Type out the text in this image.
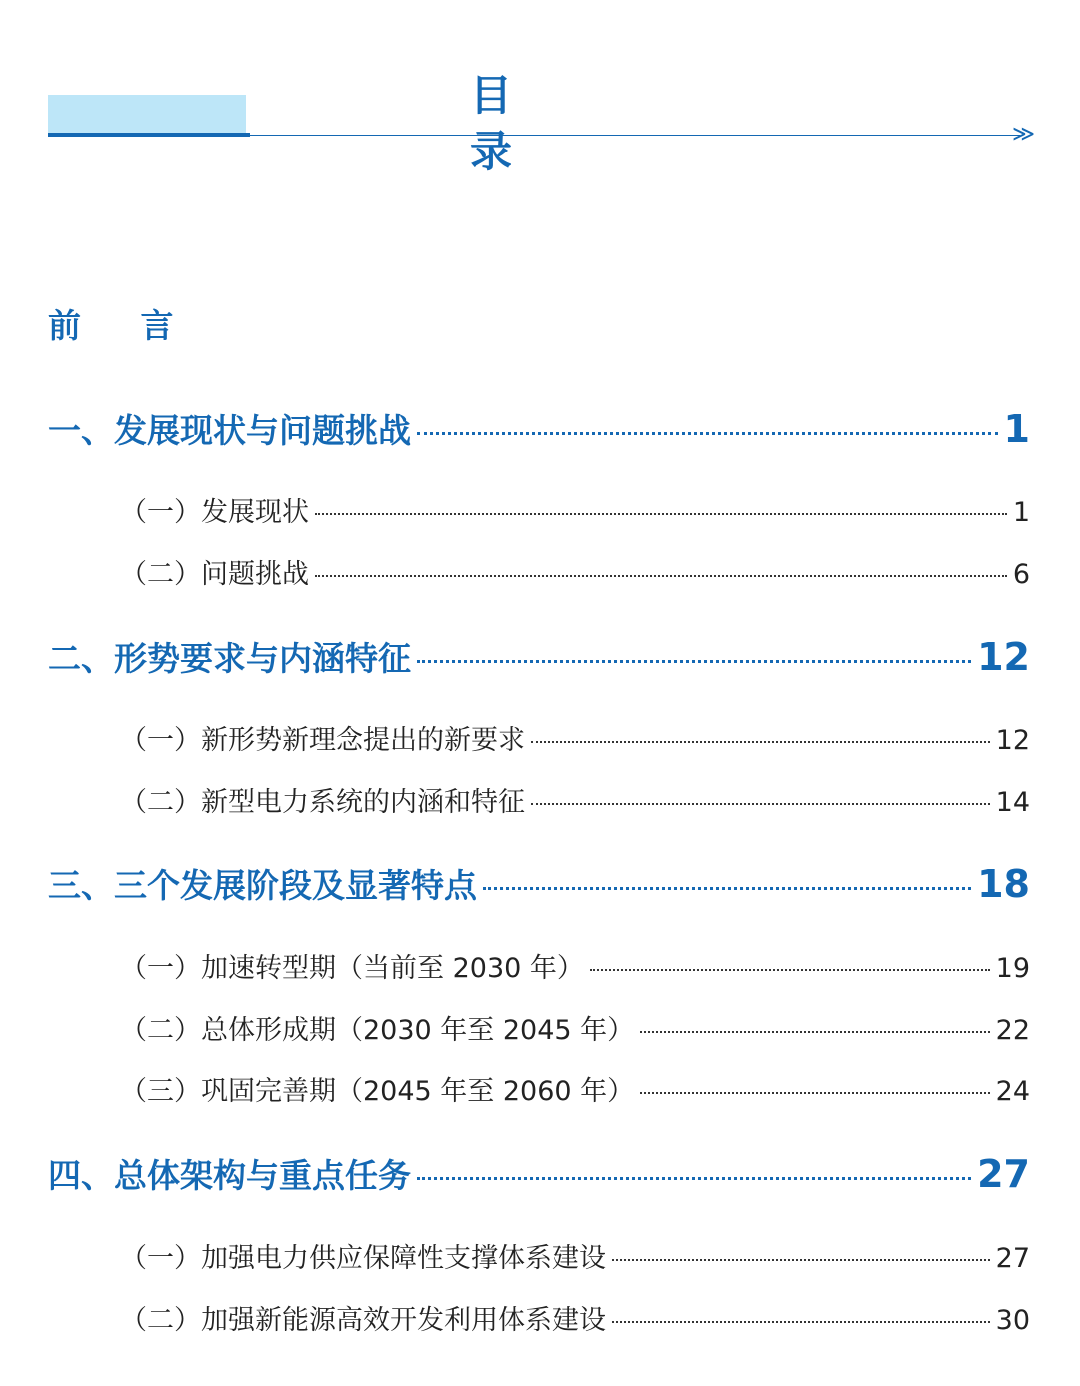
≫
目 录
前 言
一、发展现状与问题挑战	1
（一）发展现状	1
（二）问题挑战	6
二、形势要求与内涵特征	12
（一）新形势新理念提出的新要求	12
（二）新型电力系统的内涵和特征	14
三、三个发展阶段及显著特点	18
（一）加速转型期（当前至 2030 年）	19
（二）总体形成期（2030 年至 2045 年）	22
（三）巩固完善期（2045 年至 2060 年）	24
四、总体架构与重点任务	27
（一）加强电力供应保障性支撑体系建设	27
（二）加强新能源高效开发利用体系建设	30
